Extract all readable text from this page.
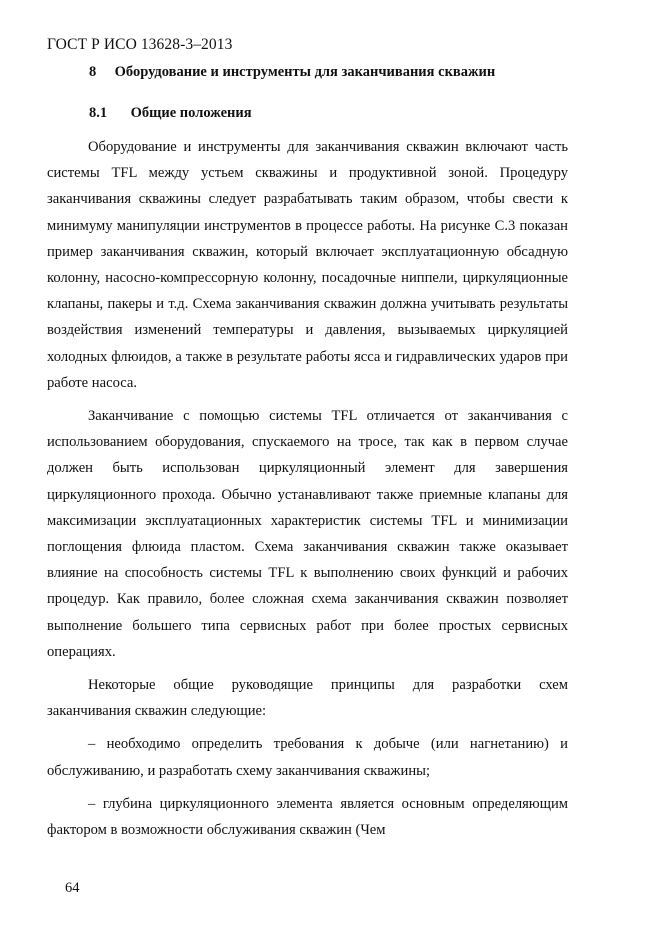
ГОСТ Р ИСО 13628-3–2013
8 Оборудование и инструменты для заканчивания скважин
8.1 Общие положения

Оборудование и инструменты для заканчивания скважин включают часть системы TFL между устьем скважины и продуктивной зоной. Процедуру заканчивания скважины следует разрабатывать таким образом, чтобы свести к минимуму манипуляции инструментов в процессе работы. На рисунке С.3 показан пример заканчивания скважин, который включает эксплуатационную обсадную колонну, насосно-компрессорную колонну, посадочные ниппели, циркуляционные клапаны, пакеры и т.д. Схема заканчивания скважин должна учитывать результаты воздействия изменений температуры и давления, вызываемых циркуляцией холодных флюидов, а также в результате работы ясса и гидравлических ударов при работе насоса.

Заканчивание с помощью системы TFL отличается от заканчивания с использованием оборудования, спускаемого на тросе, так как в первом случае должен быть использован циркуляционный элемент для завершения циркуляционного прохода. Обычно устанавливают также приемные клапаны для максимизации эксплуатационных характеристик системы TFL и минимизации поглощения флюида пластом. Схема заканчивания скважин также оказывает влияние на способность системы TFL к выполнению своих функций и рабочих процедур. Как правило, более сложная схема заканчивания скважин позволяет выполнение большего типа сервисных работ при более простых сервисных операциях.

Некоторые общие руководящие принципы для разработки схем заканчивания скважин следующие:

– необходимо определить требования к добыче (или нагнетанию) и обслуживанию, и разработать схему заканчивания скважины;
– глубина циркуляционного элемента является основным определяющим фактором в возможности обслуживания скважин (Чем
64
